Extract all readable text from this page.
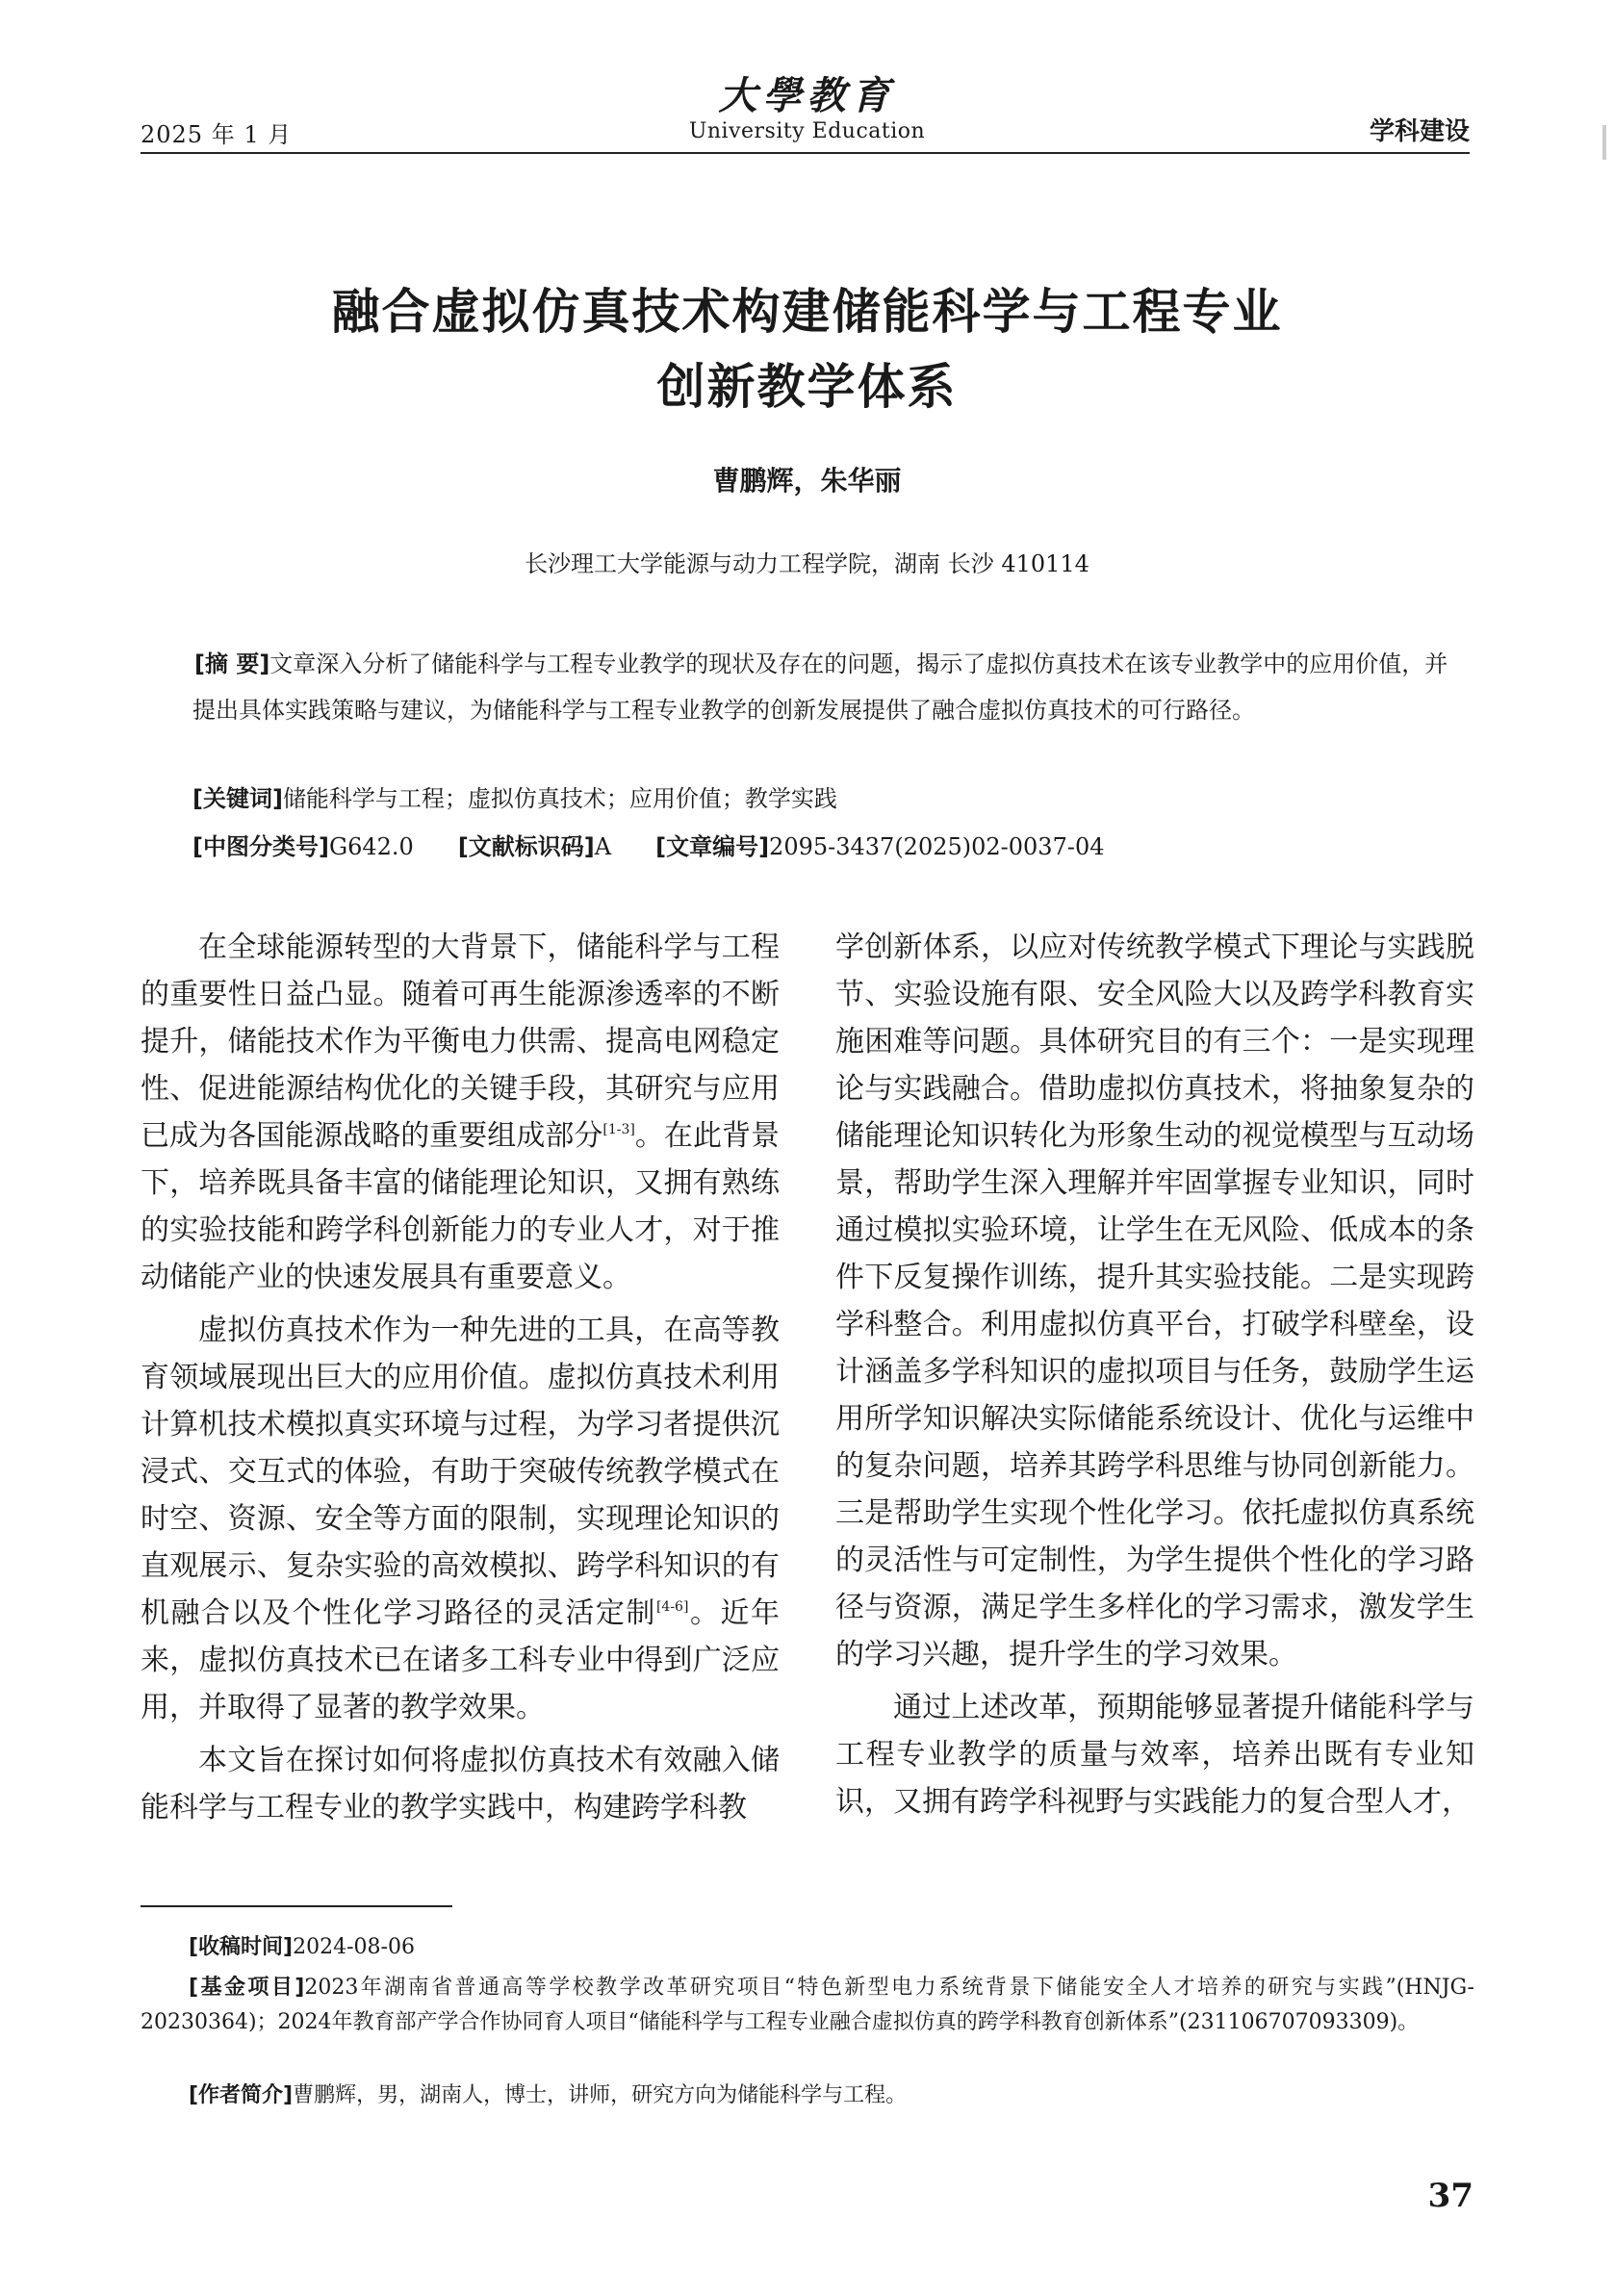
2025 年 1 月
大學教育
University Education	学科建设
融合虚拟仿真技术构建储能科学与工程专业
创新教学体系
曹鹏辉，朱华丽
长沙理工大学能源与动力工程学院，湖南 长沙 410114
[摘 要]文章深入分析了储能科学与工程专业教学的现状及存在的问题，揭示了虚拟仿真技术在该专业教学中的应用价值，并提出具体实践策略与建议，为储能科学与工程专业教学的创新发展提供了融合虚拟仿真技术的可行路径。
[关键词]储能科学与工程；虚拟仿真技术；应用价值；教学实践
[中图分类号]G642.0 [文献标识码]A [文章编号]2095-3437(2025)02-0037-04

在全球能源转型的大背景下，储能科学与工程的重要性日益凸显。随着可再生能源渗透率的不断提升，储能技术作为平衡电力供需、提高电网稳定性、促进能源结构优化的关键手段，其研究与应用已成为各国能源战略的重要组成部分[1-3]。在此背景下，培养既具备丰富的储能理论知识，又拥有熟练的实验技能和跨学科创新能力的专业人才，对于推动储能产业的快速发展具有重要意义。

虚拟仿真技术作为一种先进的工具，在高等教育领域展现出巨大的应用价值。虚拟仿真技术利用计算机技术模拟真实环境与过程，为学习者提供沉浸式、交互式的体验，有助于突破传统教学模式在时空、资源、安全等方面的限制，实现理论知识的直观展示、复杂实验的高效模拟、跨学科知识的有机融合以及个性化学习路径的灵活定制[4-6]。近年来，虚拟仿真技术已在诸多工科专业中得到广泛应用，并取得了显著的教学效果。

本文旨在探讨如何将虚拟仿真技术有效融入储能科学与工程专业的教学实践中，构建跨学科教

学创新体系，以应对传统教学模式下理论与实践脱节、实验设施有限、安全风险大以及跨学科教育实施困难等问题。具体研究目的有三个：一是实现理论与实践融合。借助虚拟仿真技术，将抽象复杂的储能理论知识转化为形象生动的视觉模型与互动场景，帮助学生深入理解并牢固掌握专业知识，同时通过模拟实验环境，让学生在无风险、低成本的条件下反复操作训练，提升其实验技能。二是实现跨学科整合。利用虚拟仿真平台，打破学科壁垒，设计涵盖多学科知识的虚拟项目与任务，鼓励学生运用所学知识解决实际储能系统设计、优化与运维中的复杂问题，培养其跨学科思维与协同创新能力。三是帮助学生实现个性化学习。依托虚拟仿真系统的灵活性与可定制性，为学生提供个性化的学习路径与资源，满足学生多样化的学习需求，激发学生的学习兴趣，提升学生的学习效果。

通过上述改革，预期能够显著提升储能科学与工程专业教学的质量与效率，培养出既有专业知识，又拥有跨学科视野与实践能力的复合型人才，

[收稿时间]2024-08-06
[基金项目]2023年湖南省普通高等学校教学改革研究项目“特色新型电力系统背景下储能安全人才培养的研究与实践”(HNJG-20230364)；2024年教育部产学合作协同育人项目“储能科学与工程专业融合虚拟仿真的跨学科教育创新体系”(231106707093309)。
[作者简介]曹鹏辉，男，湖南人，博士，讲师，研究方向为储能科学与工程。
37
